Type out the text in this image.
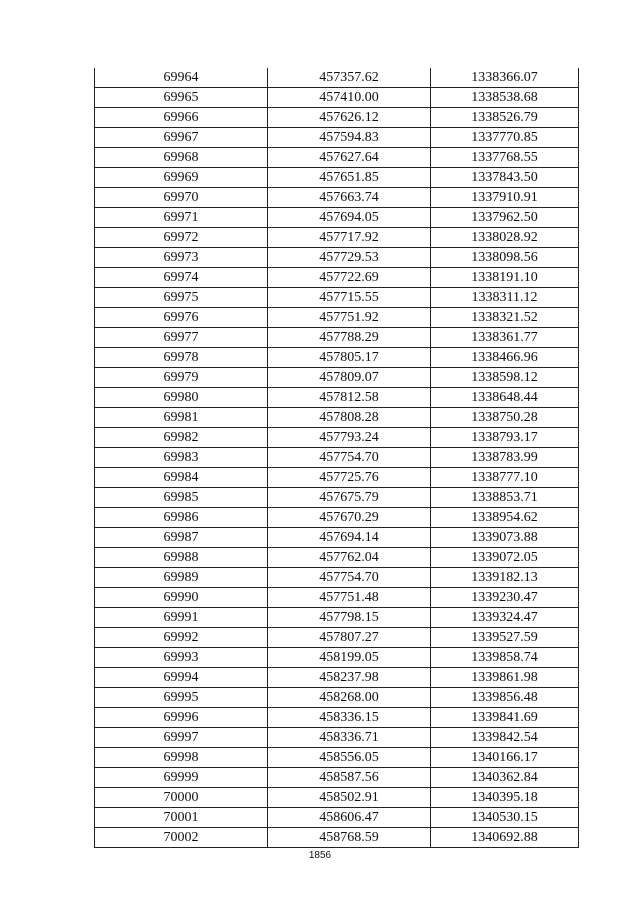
69964	457357.62	1338366.07
69965	457410.00	1338538.68
69966	457626.12	1338526.79
69967	457594.83	1337770.85
69968	457627.64	1337768.55
69969	457651.85	1337843.50
69970	457663.74	1337910.91
69971	457694.05	1337962.50
69972	457717.92	1338028.92
69973	457729.53	1338098.56
69974	457722.69	1338191.10
69975	457715.55	1338311.12
69976	457751.92	1338321.52
69977	457788.29	1338361.77
69978	457805.17	1338466.96
69979	457809.07	1338598.12
69980	457812.58	1338648.44
69981	457808.28	1338750.28
69982	457793.24	1338793.17
69983	457754.70	1338783.99
69984	457725.76	1338777.10
69985	457675.79	1338853.71
69986	457670.29	1338954.62
69987	457694.14	1339073.88
69988	457762.04	1339072.05
69989	457754.70	1339182.13
69990	457751.48	1339230.47
69991	457798.15	1339324.47
69992	457807.27	1339527.59
69993	458199.05	1339858.74
69994	458237.98	1339861.98
69995	458268.00	1339856.48
69996	458336.15	1339841.69
69997	458336.71	1339842.54
69998	458556.05	1340166.17
69999	458587.56	1340362.84
70000	458502.91	1340395.18
70001	458606.47	1340530.15
70002	458768.59	1340692.88
1856
